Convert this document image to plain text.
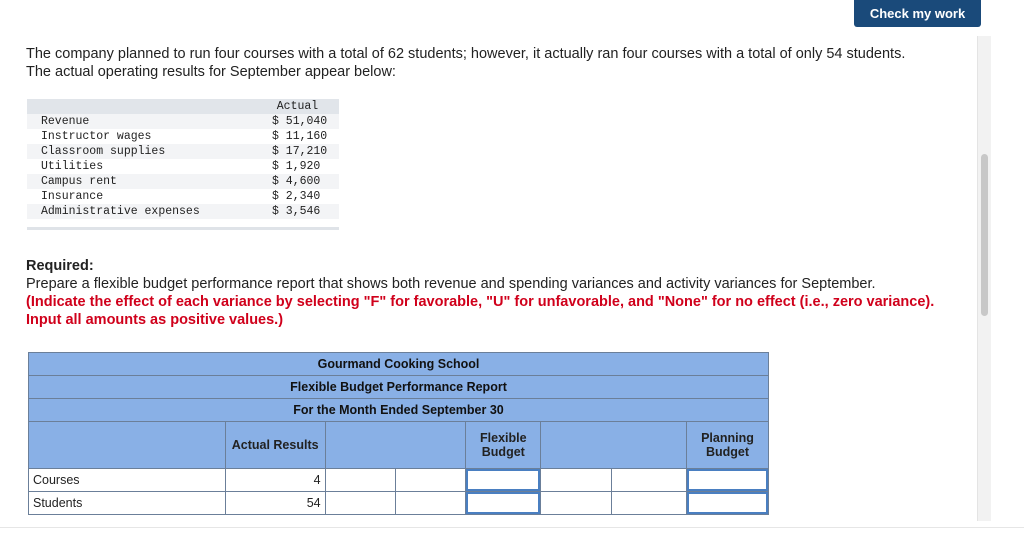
Check my work
The company planned to run four courses with a total of 62 students; however, it actually ran four courses with a total of only 54 students. The actual operating results for September appear below:
	Actual
Revenue	$ 51,040
Instructor wages	$ 11,160
Classroom supplies	$ 17,210
Utilities	$ 1,920
Campus rent	$ 4,600
Insurance	$ 2,340
Administrative expenses	$ 3,546
Required:
Prepare a flexible budget performance report that shows both revenue and spending variances and activity variances for September.
(Indicate the effect of each variance by selecting "F" for favorable, "U" for unfavorable, and "None" for no effect (i.e., zero variance). Input all amounts as positive values.)
Gourmand Cooking School							
Flexible Budget Performance Report							
For the Month Ended September 30							
	Actual Results			Flexible Budget			Planning Budget
Courses	4						
Students	54						
